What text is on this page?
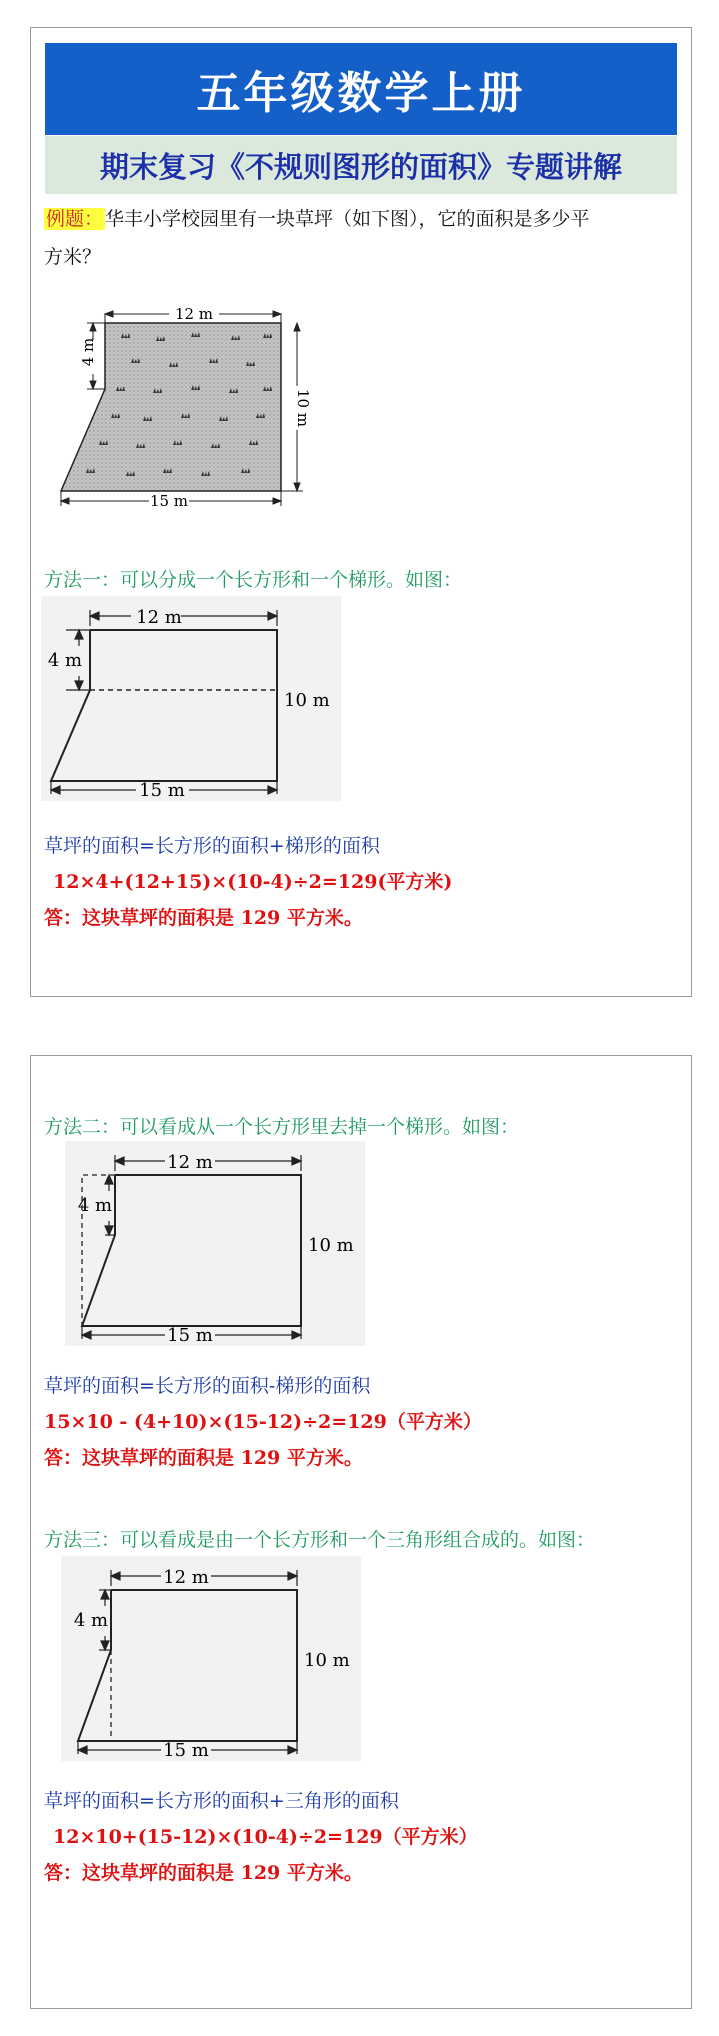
五年级数学上册
期末复习《不规则图形的面积》专题讲解
例题： 华丰小学校园里有一块草坪（如下图），它的面积是多少平
方米？
12 m
4 m
10 m
15 m
方法一：可以分成一个长方形和一个梯形。如图：
12 m
4 m
10 m
15 m
草坪的面积=长方形的面积+梯形的面积
12×4+(12+15)×(10-4)÷2=129(平方米)
答：这块草坪的面积是 129 平方米。
方法二：可以看成从一个长方形里去掉一个梯形。如图：
12 m
4 m
10 m
15 m
草坪的面积=长方形的面积-梯形的面积
15×10 - (4+10)×(15-12)÷2=129（平方米）
答：这块草坪的面积是 129 平方米。
方法三：可以看成是由一个长方形和一个三角形组合成的。如图：
12 m
4 m
10 m
15 m
草坪的面积=长方形的面积+三角形的面积
12×10+(15-12)×(10-4)÷2=129（平方米）
答：这块草坪的面积是 129 平方米。
